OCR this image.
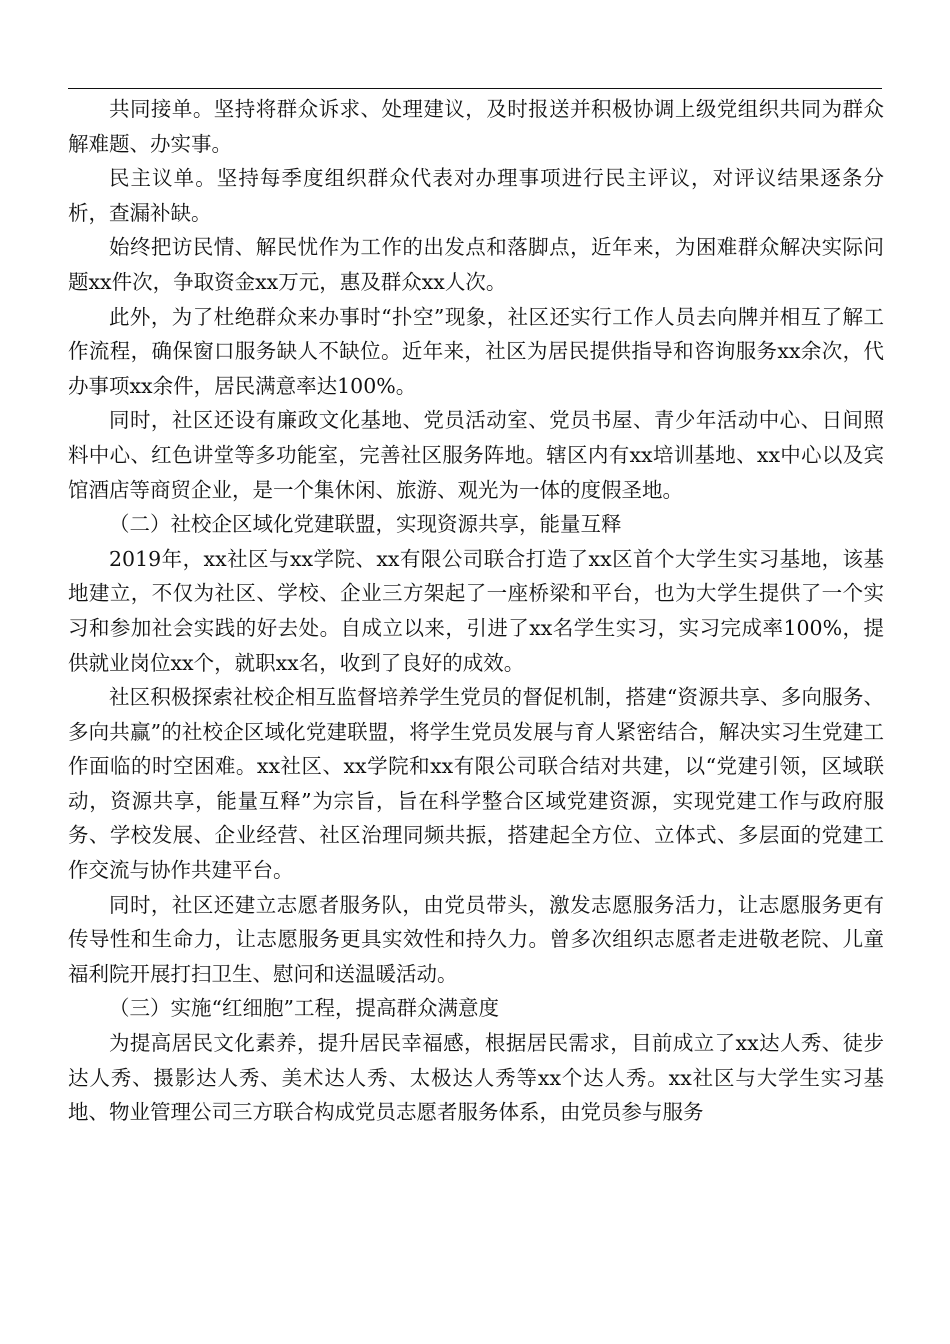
共同接单。坚持将群众诉求、处理建议，及时报送并积极协调上级党组织共同为群众解难题、办实事。

民主议单。坚持每季度组织群众代表对办理事项进行民主评议，对评议结果逐条分析，查漏补缺。

始终把访民情、解民忧作为工作的出发点和落脚点，近年来，为困难群众解决实际问题xx件次，争取资金xx万元，惠及群众xx人次。

此外，为了杜绝群众来办事时“扑空”现象，社区还实行工作人员去向牌并相互了解工作流程，确保窗口服务缺人不缺位。近年来，社区为居民提供指导和咨询服务xx余次，代办事项xx余件，居民满意率达100%。

同时，社区还设有廉政文化基地、党员活动室、党员书屋、青少年活动中心、日间照料中心、红色讲堂等多功能室，完善社区服务阵地。辖区内有xx培训基地、xx中心以及宾馆酒店等商贸企业，是一个集休闲、旅游、观光为一体的度假圣地。

（二）社校企区域化党建联盟，实现资源共享，能量互释

2019年，xx社区与xx学院、xx有限公司联合打造了xx区首个大学生实习基地，该基地建立，不仅为社区、学校、企业三方架起了一座桥梁和平台，也为大学生提供了一个实习和参加社会实践的好去处。自成立以来，引进了xx名学生实习，实习完成率100%，提供就业岗位xx个，就职xx名，收到了良好的成效。

社区积极探索社校企相互监督培养学生党员的督促机制，搭建“资源共享、多向服务、多向共赢”的社校企区域化党建联盟，将学生党员发展与育人紧密结合，解决实习生党建工作面临的时空困难。xx社区、xx学院和xx有限公司联合结对共建，以“党建引领，区域联动，资源共享，能量互释”为宗旨，旨在科学整合区域党建资源，实现党建工作与政府服务、学校发展、企业经营、社区治理同频共振，搭建起全方位、立体式、多层面的党建工作交流与协作共建平台。

同时，社区还建立志愿者服务队，由党员带头，激发志愿服务活力，让志愿服务更有传导性和生命力，让志愿服务更具实效性和持久力。曾多次组织志愿者走进敬老院、儿童福利院开展打扫卫生、慰问和送温暖活动。

（三）实施“红细胞”工程，提高群众满意度

为提高居民文化素养，提升居民幸福感，根据居民需求，目前成立了xx达人秀、徒步达人秀、摄影达人秀、美术达人秀、太极达人秀等xx个达人秀。xx社区与大学生实习基地、物业管理公司三方联合构成党员志愿者服务体系，由党员参与服务
